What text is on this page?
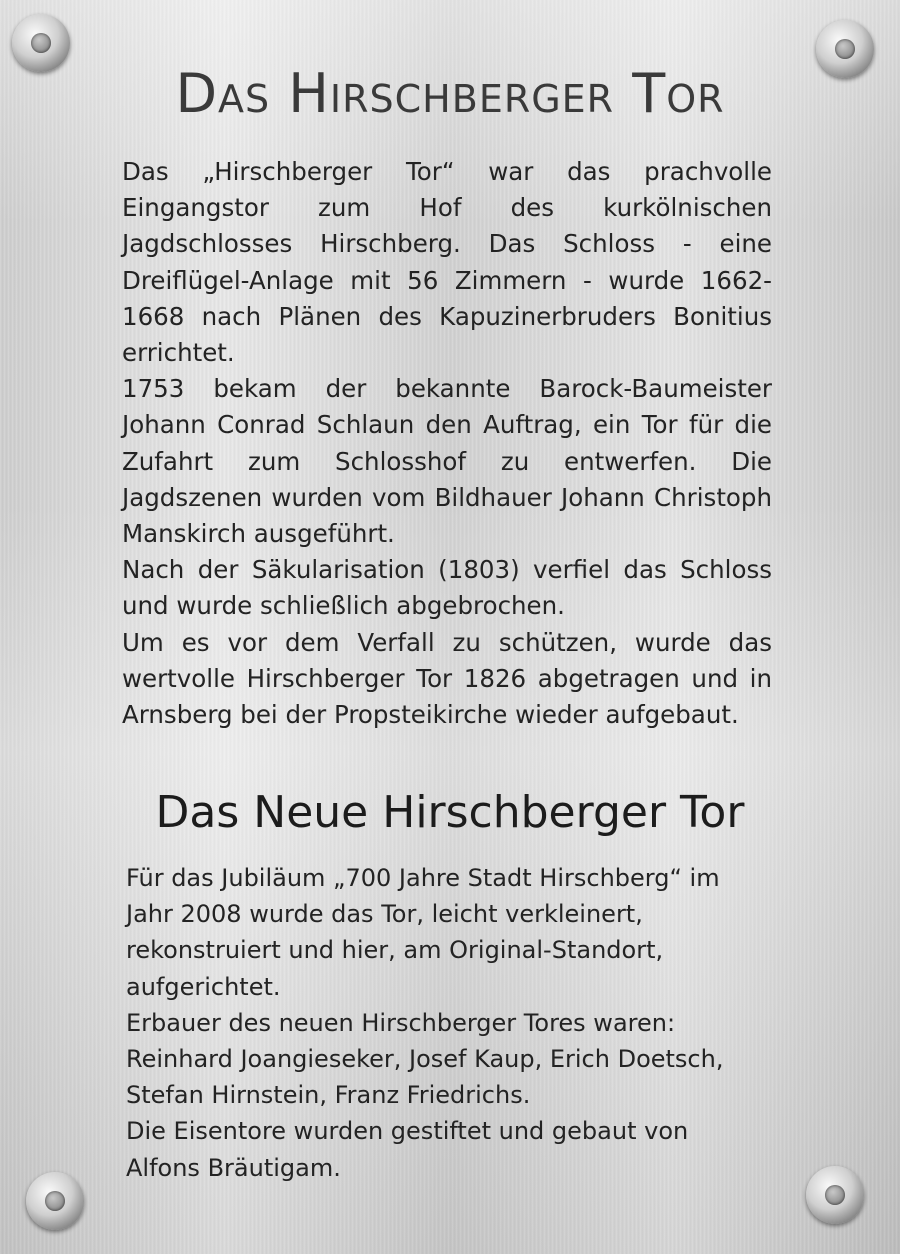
Das Hirschberger Tor

Das „Hirschberger Tor“ war das prachvolle Eingangstor zum Hof des kurkölnischen Jagdschlosses Hirschberg. Das Schloss - eine Dreiflügel-Anlage mit 56 Zimmern - wurde 1662-1668 nach Plänen des Kapuzinerbruders Bonitius errichtet.

1753 bekam der bekannte Barock-Baumeister Johann Conrad Schlaun den Auftrag, ein Tor für die Zufahrt zum Schlosshof zu entwerfen. Die Jagdszenen wurden vom Bildhauer Johann Christoph Manskirch ausgeführt.

Nach der Säkularisation (1803) verfiel das Schloss und wurde schließlich abgebrochen.

Um es vor dem Verfall zu schützen, wurde das wertvolle Hirschberger Tor 1826 abgetragen und in Arnsberg bei der Propsteikirche wieder aufgebaut.

Das Neue Hirschberger Tor

Für das Jubiläum „700 Jahre Stadt Hirschberg“ im Jahr 2008 wurde das Tor, leicht verkleinert, rekonstruiert und hier, am Original-Standort, aufgerichtet.

Erbauer des neuen Hirschberger Tores waren: Reinhard Joangieseker, Josef Kaup, Erich Doetsch, Stefan Hirnstein, Franz Friedrichs.

Die Eisentore wurden gestiftet und gebaut von Alfons Bräutigam.
